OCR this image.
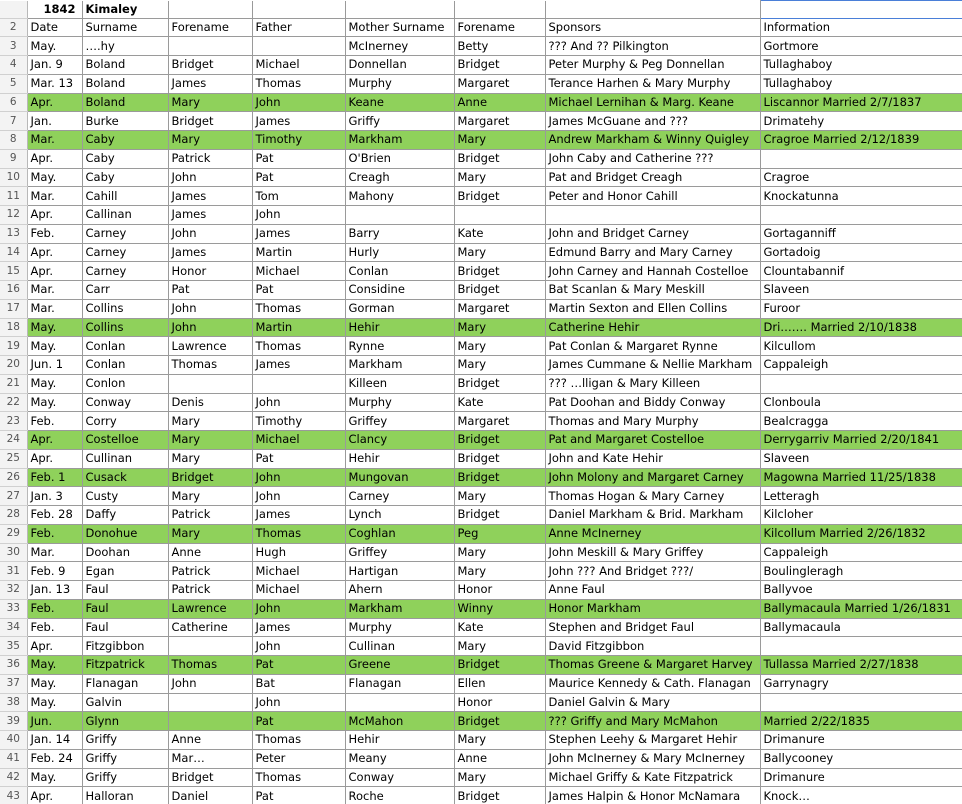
	1842	Kimaley						
2	Date	Surname	Forename	Father	Mother Surname	Forename	Sponsors	Information
3	May.	….hy			McInerney	Betty	??? And ?? Pilkington	Gortmore
4	Jan. 9	Boland	Bridget	Michael	Donnellan	Bridget	Peter Murphy & Peg Donnellan	Tullaghaboy
5	Mar. 13	Boland	James	Thomas	Murphy	Margaret	Terance Harhen & Mary Murphy	Tullaghaboy
6	Apr.	Boland	Mary	John	Keane	Anne	Michael Lernihan & Marg. Keane	Liscannor Married 2/7/1837
7	Jan.	Burke	Bridget	James	Griffy	Margaret	James McGuane and ???	Drimatehy
8	Mar.	Caby	Mary	Timothy	Markham	Mary	Andrew Markham & Winny Quigley	Cragroe Married 2/12/1839
9	Apr.	Caby	Patrick	Pat	O'Brien	Bridget	John Caby and Catherine ???	
10	May.	Caby	John	Pat	Creagh	Mary	Pat and Bridget Creagh	Cragroe
11	Mar.	Cahill	James	Tom	Mahony	Bridget	Peter and Honor Cahill	Knockatunna
12	Apr.	Callinan	James	John				
13	Feb.	Carney	John	James	Barry	Kate	John and Bridget Carney	Gortaganniff
14	Apr.	Carney	James	Martin	Hurly	Mary	Edmund Barry and Mary Carney	Gortadoig
15	Apr.	Carney	Honor	Michael	Conlan	Bridget	John Carney and Hannah Costelloe	Clountabannif
16	Mar.	Carr	Pat	Pat	Considine	Bridget	Bat Scanlan & Mary Meskill	Slaveen
17	Mar.	Collins	John	Thomas	Gorman	Margaret	Martin Sexton and Ellen Collins	Furoor
18	May.	Collins	John	Martin	Hehir	Mary	Catherine Hehir	Dri……. Married 2/10/1838
19	May.	Conlan	Lawrence	Thomas	Rynne	Mary	Pat Conlan & Margaret Rynne	Kilcullom
20	Jun. 1	Conlan	Thomas	James	Markham	Mary	James Cummane & Nellie Markham	Cappaleigh
21	May.	Conlon			Killeen	Bridget	??? …lligan & Mary Killeen	
22	May.	Conway	Denis	John	Murphy	Kate	Pat Doohan and Biddy Conway	Clonboula
23	Feb.	Corry	Mary	Timothy	Griffey	Margaret	Thomas and Mary Murphy	Bealcragga
24	Apr.	Costelloe	Mary	Michael	Clancy	Bridget	Pat and Margaret Costelloe	Derrygarriv Married 2/20/1841
25	Apr.	Cullinan	Mary	Pat	Hehir	Bridget	John and Kate Hehir	Slaveen
26	Feb. 1	Cusack	Bridget	John	Mungovan	Bridget	John Molony and Margaret Carney	Magowna Married 11/25/1838
27	Jan. 3	Custy	Mary	John	Carney	Mary	Thomas Hogan & Mary Carney	Letteragh
28	Feb. 28	Daffy	Patrick	James	Lynch	Bridget	Daniel Markham & Brid. Markham	Kilcloher
29	Feb.	Donohue	Mary	Thomas	Coghlan	Peg	Anne McInerney	Kilcollum Married 2/26/1832
30	Mar.	Doohan	Anne	Hugh	Griffey	Mary	John Meskill & Mary Griffey	Cappaleigh
31	Feb. 9	Egan	Patrick	Michael	Hartigan	Mary	John ??? And Bridget ???/	Boulingleragh
32	Jan. 13	Faul	Patrick	Michael	Ahern	Honor	Anne Faul	Ballyvoe
33	Feb.	Faul	Lawrence	John	Markham	Winny	Honor Markham	Ballymacaula Married 1/26/1831
34	Feb.	Faul	Catherine	James	Murphy	Kate	Stephen and Bridget Faul	Ballymacaula
35	Apr.	Fitzgibbon		John	Cullinan	Mary	David Fitzgibbon	
36	May.	Fitzpatrick	Thomas	Pat	Greene	Bridget	Thomas Greene & Margaret Harvey	Tullassa Married 2/27/1838
37	May.	Flanagan	John	Bat	Flanagan	Ellen	Maurice Kennedy & Cath. Flanagan	Garrynagry
38	May.	Galvin		John		Honor	Daniel Galvin & Mary	
39	Jun.	Glynn		Pat	McMahon	Bridget	??? Griffy and Mary McMahon	Married 2/22/1835
40	Jan. 14	Griffy	Anne	Thomas	Hehir	Mary	Stephen Leehy & Margaret Hehir	Drimanure
41	Feb. 24	Griffy	Mar…	Peter	Meany	Anne	John McInerney & Mary McInerney	Ballycooney
42	May.	Griffy	Bridget	Thomas	Conway	Mary	Michael Griffy & Kate Fitzpatrick	Drimanure
43	Apr.	Halloran	Daniel	Pat	Roche	Bridget	James Halpin & Honor McNamara	Knock…
